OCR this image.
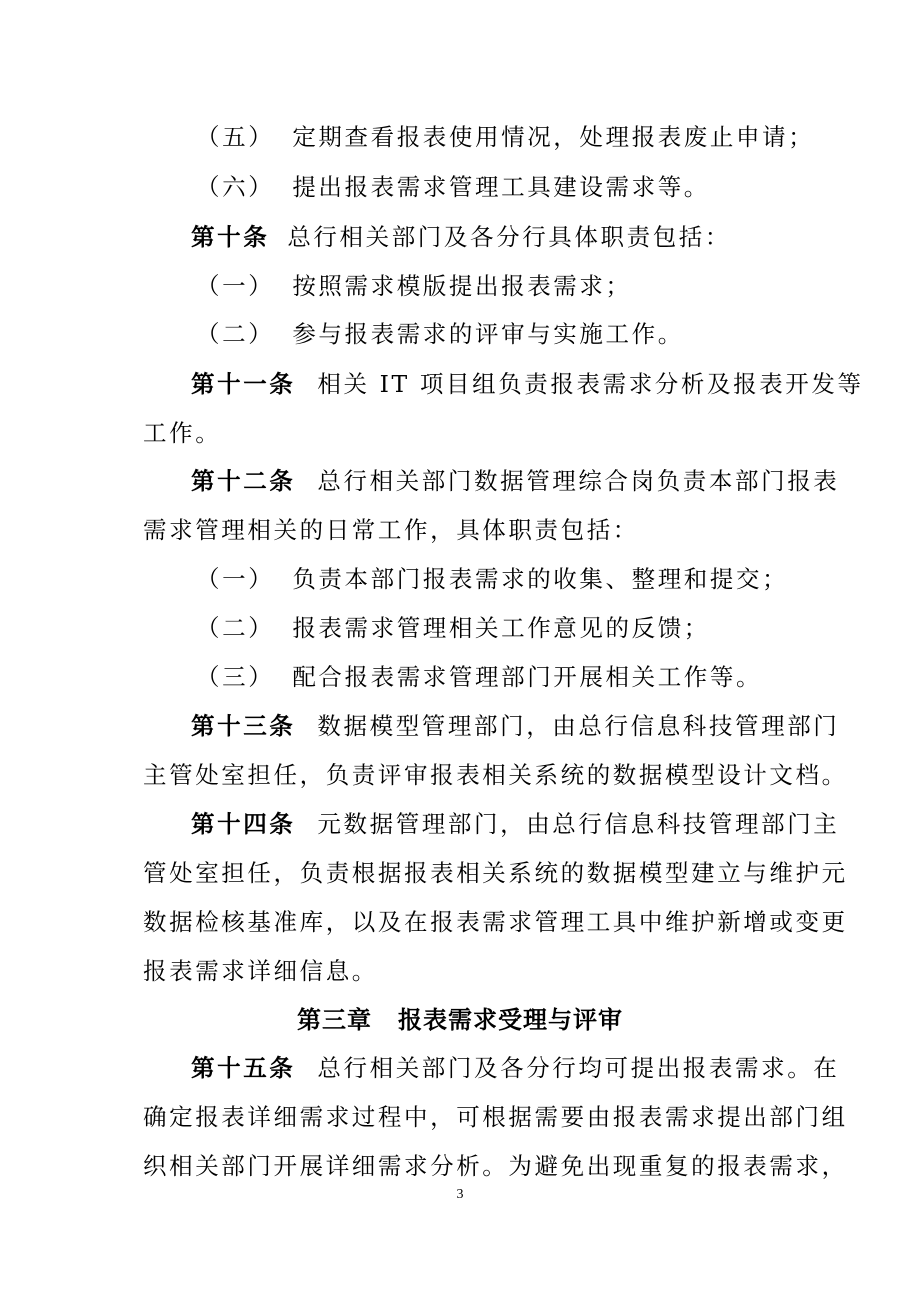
（五） 定期查看报表使用情况，处理报表废止申请；
（六） 提出报表需求管理工具建设需求等。
第十条 总行相关部门及各分行具体职责包括：
（一） 按照需求模版提出报表需求；
（二） 参与报表需求的评审与实施工作。
第十一条 相关 IT 项目组负责报表需求分析及报表开发等
工作。
第十二条 总行相关部门数据管理综合岗负责本部门报表
需求管理相关的日常工作，具体职责包括：
（一） 负责本部门报表需求的收集、整理和提交；
（二） 报表需求管理相关工作意见的反馈；
（三） 配合报表需求管理部门开展相关工作等。
第十三条 数据模型管理部门，由总行信息科技管理部门
主管处室担任，负责评审报表相关系统的数据模型设计文档。
第十四条 元数据管理部门，由总行信息科技管理部门主
管处室担任，负责根据报表相关系统的数据模型建立与维护元
数据检核基准库，以及在报表需求管理工具中维护新增或变更
报表需求详细信息。
第三章 报表需求受理与评审
第十五条 总行相关部门及各分行均可提出报表需求。在
确定报表详细需求过程中，可根据需要由报表需求提出部门组
织相关部门开展详细需求分析。为避免出现重复的报表需求，
3
